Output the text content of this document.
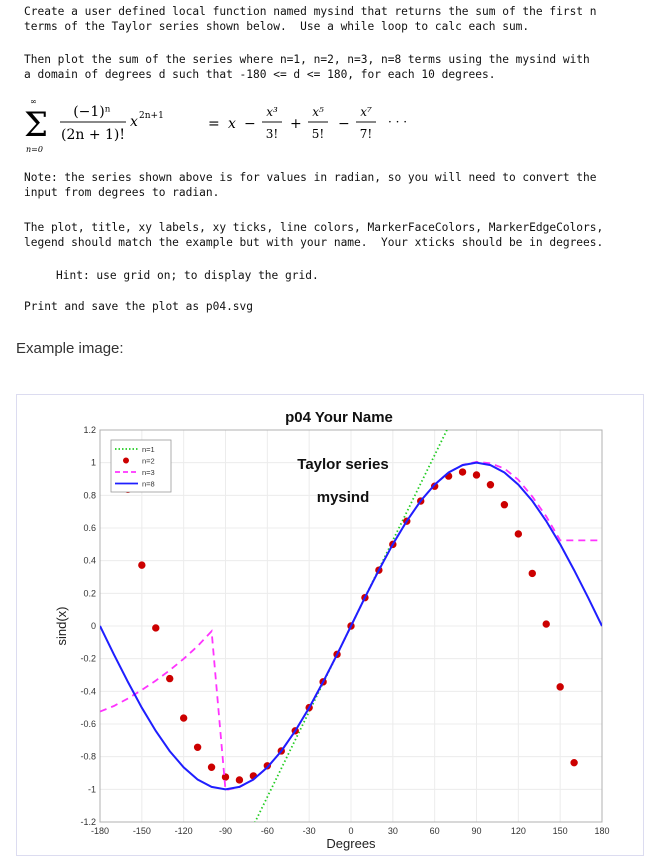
Create a user defined local function named mysind that returns the sum of the first n
terms of the Taylor series shown below.  Use a while loop to calc each sum.
Then plot the sum of the series where n=1, n=2, n=3, n=8 terms using the mysind with
a domain of degrees d such that -180 <= d <= 180, for each 10 degrees.
∞
Σ
n=0
(−1)ⁿ
(2n + 1)!
x 2n+1	= x −
x³
3!
+
x⁵
5!
−
x⁷
7!
· · ·
Note: the series shown above is for values in radian, so you will need to convert the
input from degrees to radian.
The plot, title, xy labels, xy ticks, line colors, MarkerFaceColors, MarkerEdgeColors,
legend should match the example but with your name.  Your xticks should be in degrees.
Hint: use grid on; to display the grid.
Print and save the plot as p04.svg
Example image:
-180	-150	-120	-90	-60	-30	0	30	60	90	120	150	180
-1.2
-1
-0.8
-0.6
-0.4
-0.2
0
0.2
0.4
0.6
0.8
1
1.2
n=1
n=2
n=3
n=8
p04 Your Name
Taylor series
mysind
Degrees
sind(x)
